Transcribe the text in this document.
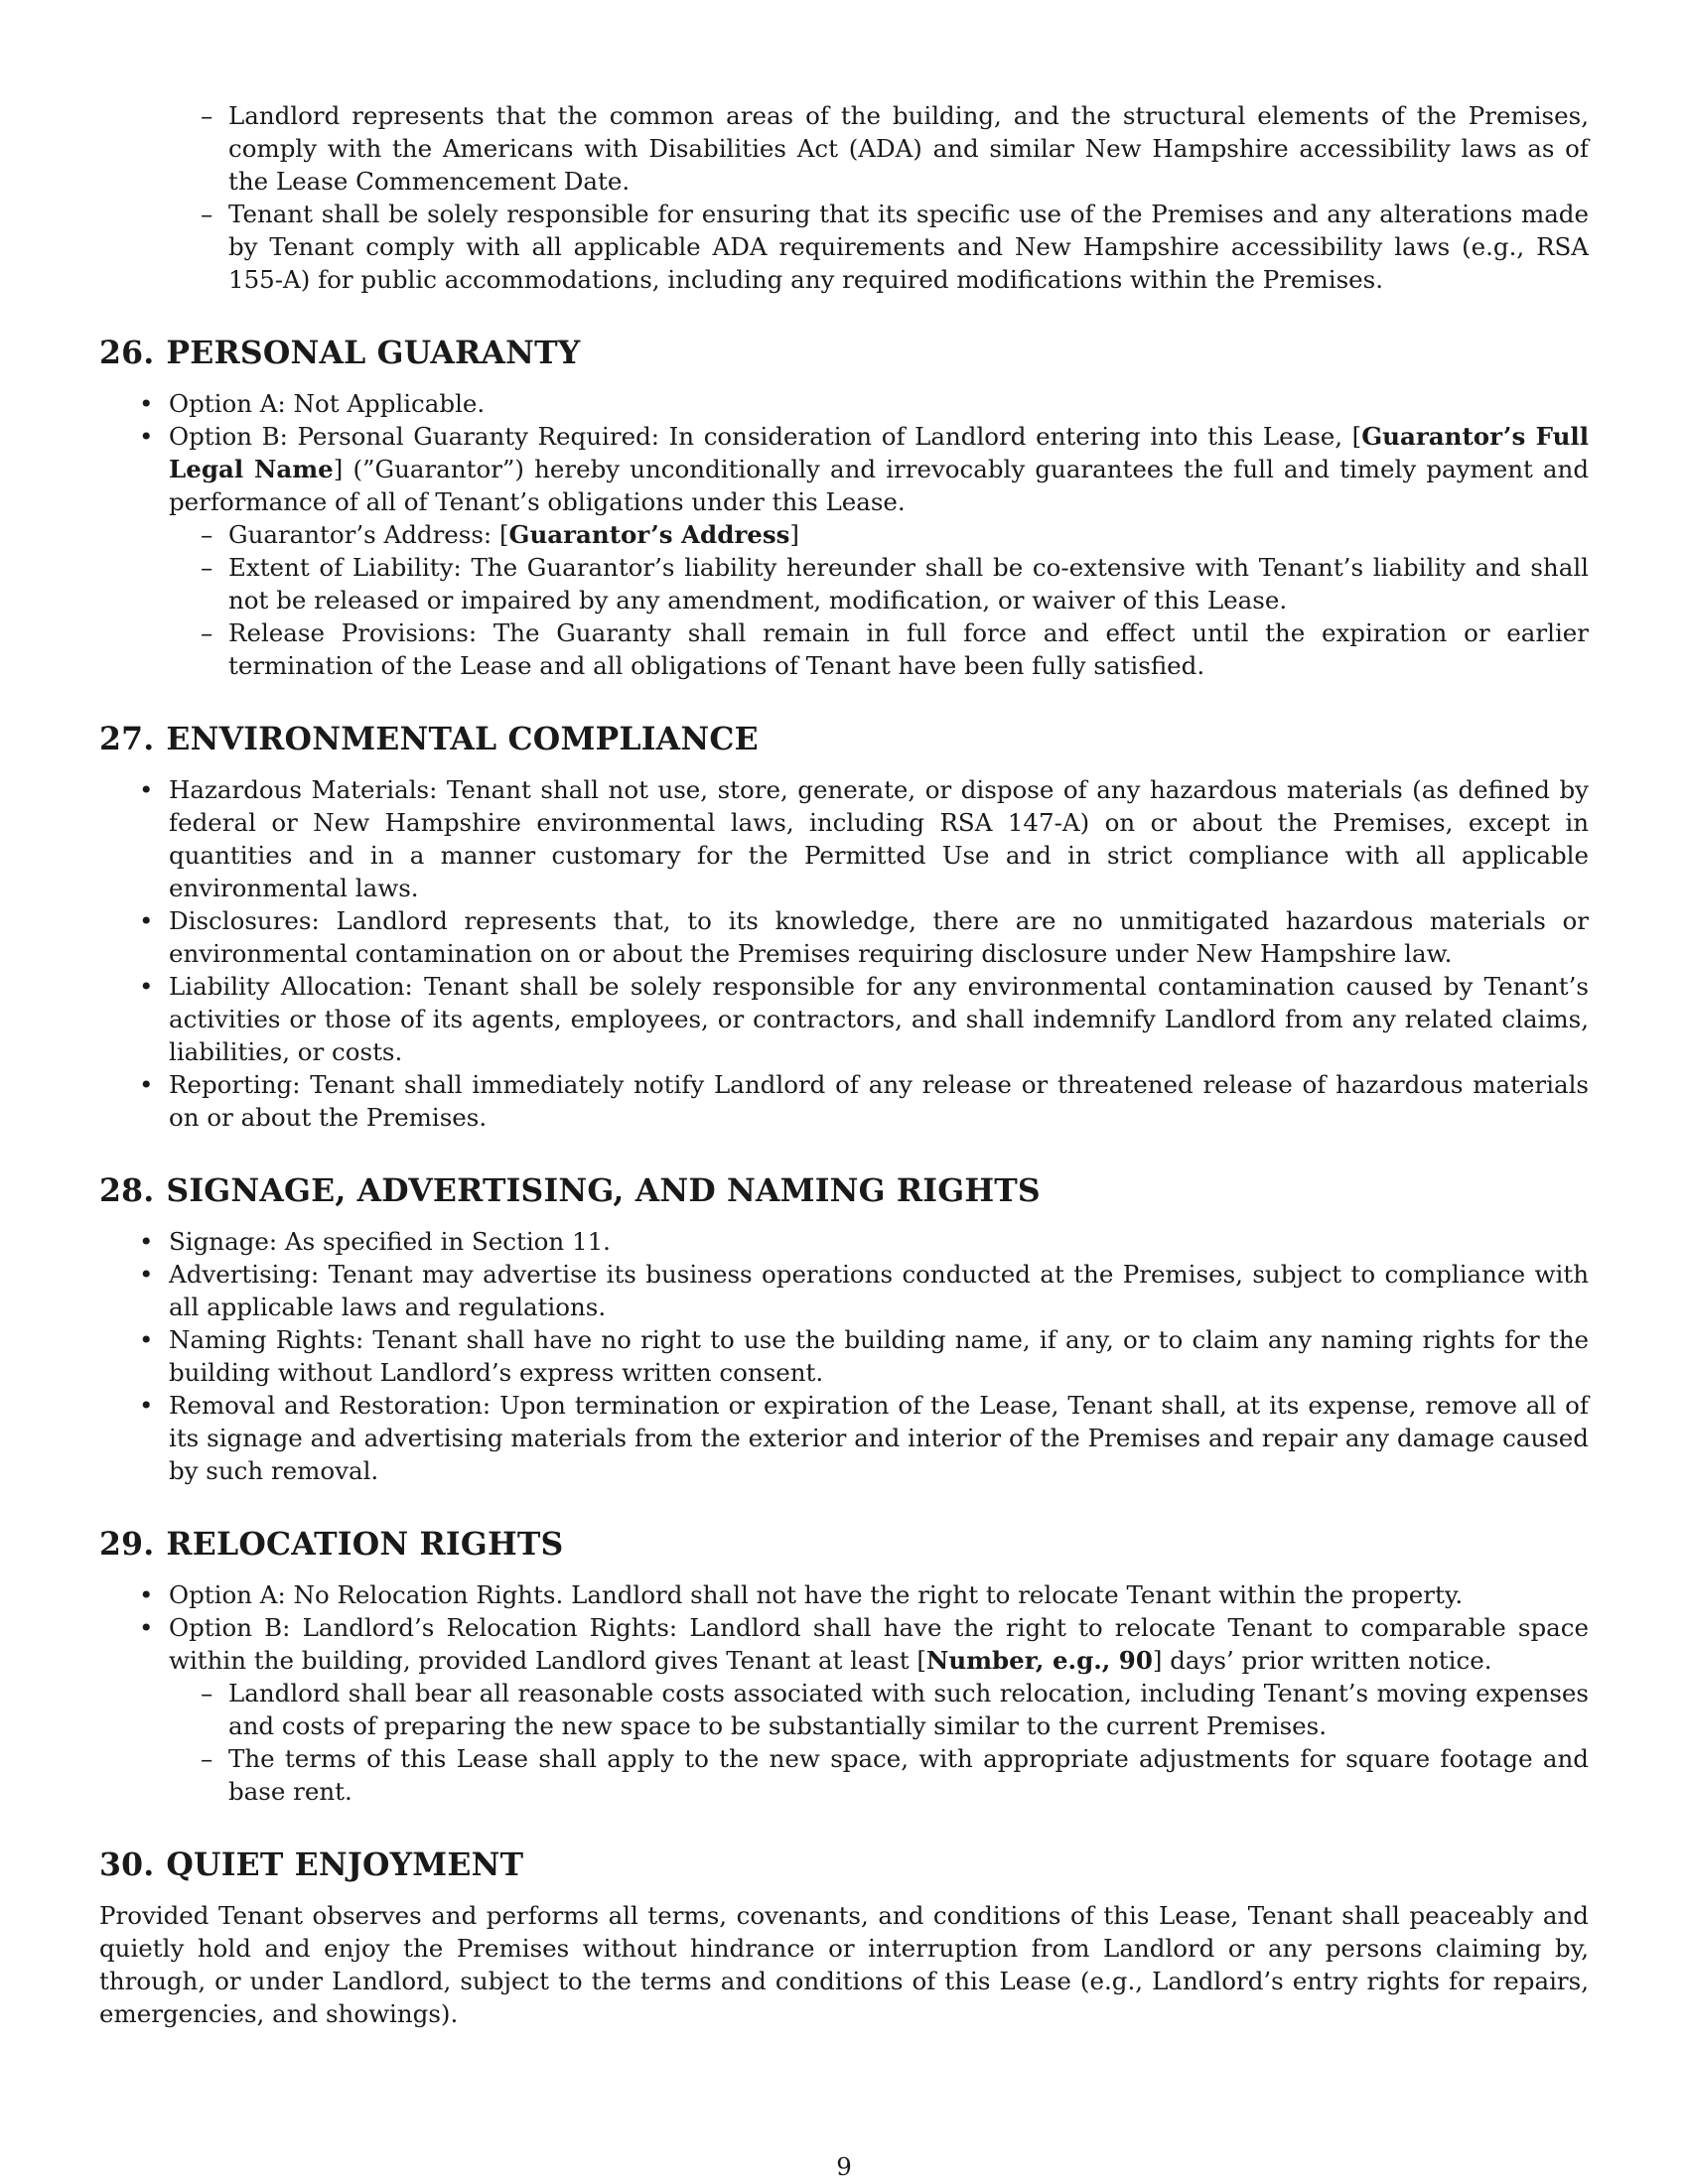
– Landlord represents that the common areas of the building, and the structural elements of the Premises, comply with the Americans with Disabilities Act (ADA) and similar New Hampshire accessibility laws as of the Lease Commencement Date.
– Tenant shall be solely responsible for ensuring that its specific use of the Premises and any alterations made by Tenant comply with all applicable ADA requirements and New Hampshire accessibility laws (e.g., RSA 155-A) for public accommodations, including any required modifications within the Premises.
26. PERSONAL GUARANTY
• Option A: Not Applicable.
• Option B: Personal Guaranty Required: In consideration of Landlord entering into this Lease, [Guarantor’s Full Legal Name] (”Guarantor”) hereby unconditionally and irrevocably guarantees the full and timely payment and performance of all of Tenant’s obligations under this Lease.
– Guarantor’s Address: [Guarantor’s Address]
– Extent of Liability: The Guarantor’s liability hereunder shall be co-extensive with Tenant’s liability and shall not be released or impaired by any amendment, modification, or waiver of this Lease.
– Release Provisions: The Guaranty shall remain in full force and effect until the expiration or earlier termination of the Lease and all obligations of Tenant have been fully satisfied.
27. ENVIRONMENTAL COMPLIANCE
• Hazardous Materials: Tenant shall not use, store, generate, or dispose of any hazardous materials (as defined by federal or New Hampshire environmental laws, including RSA 147-A) on or about the Premises, except in quantities and in a manner customary for the Permitted Use and in strict compliance with all applicable environmental laws.
• Disclosures: Landlord represents that, to its knowledge, there are no unmitigated hazardous materials or environmental contamination on or about the Premises requiring disclosure under New Hampshire law.
• Liability Allocation: Tenant shall be solely responsible for any environmental contamination caused by Tenant’s activities or those of its agents, employees, or contractors, and shall indemnify Landlord from any related claims, liabilities, or costs.
• Reporting: Tenant shall immediately notify Landlord of any release or threatened release of hazardous materials on or about the Premises.
28. SIGNAGE, ADVERTISING, AND NAMING RIGHTS
• Signage: As specified in Section 11.
• Advertising: Tenant may advertise its business operations conducted at the Premises, subject to compliance with all applicable laws and regulations.
• Naming Rights: Tenant shall have no right to use the building name, if any, or to claim any naming rights for the building without Landlord’s express written consent.
• Removal and Restoration: Upon termination or expiration of the Lease, Tenant shall, at its expense, remove all of its signage and advertising materials from the exterior and interior of the Premises and repair any damage caused by such removal.
29. RELOCATION RIGHTS
• Option A: No Relocation Rights. Landlord shall not have the right to relocate Tenant within the property.
• Option B: Landlord’s Relocation Rights: Landlord shall have the right to relocate Tenant to comparable space within the building, provided Landlord gives Tenant at least [Number, e.g., 90] days’ prior written notice.
– Landlord shall bear all reasonable costs associated with such relocation, including Tenant’s moving expenses and costs of preparing the new space to be substantially similar to the current Premises.
– The terms of this Lease shall apply to the new space, with appropriate adjustments for square footage and base rent.
30. QUIET ENJOYMENT

Provided Tenant observes and performs all terms, covenants, and conditions of this Lease, Tenant shall peaceably and quietly hold and enjoy the Premises without hindrance or interruption from Landlord or any persons claiming by, through, or under Landlord, subject to the terms and conditions of this Lease (e.g., Landlord’s entry rights for repairs, emergencies, and showings).

9
